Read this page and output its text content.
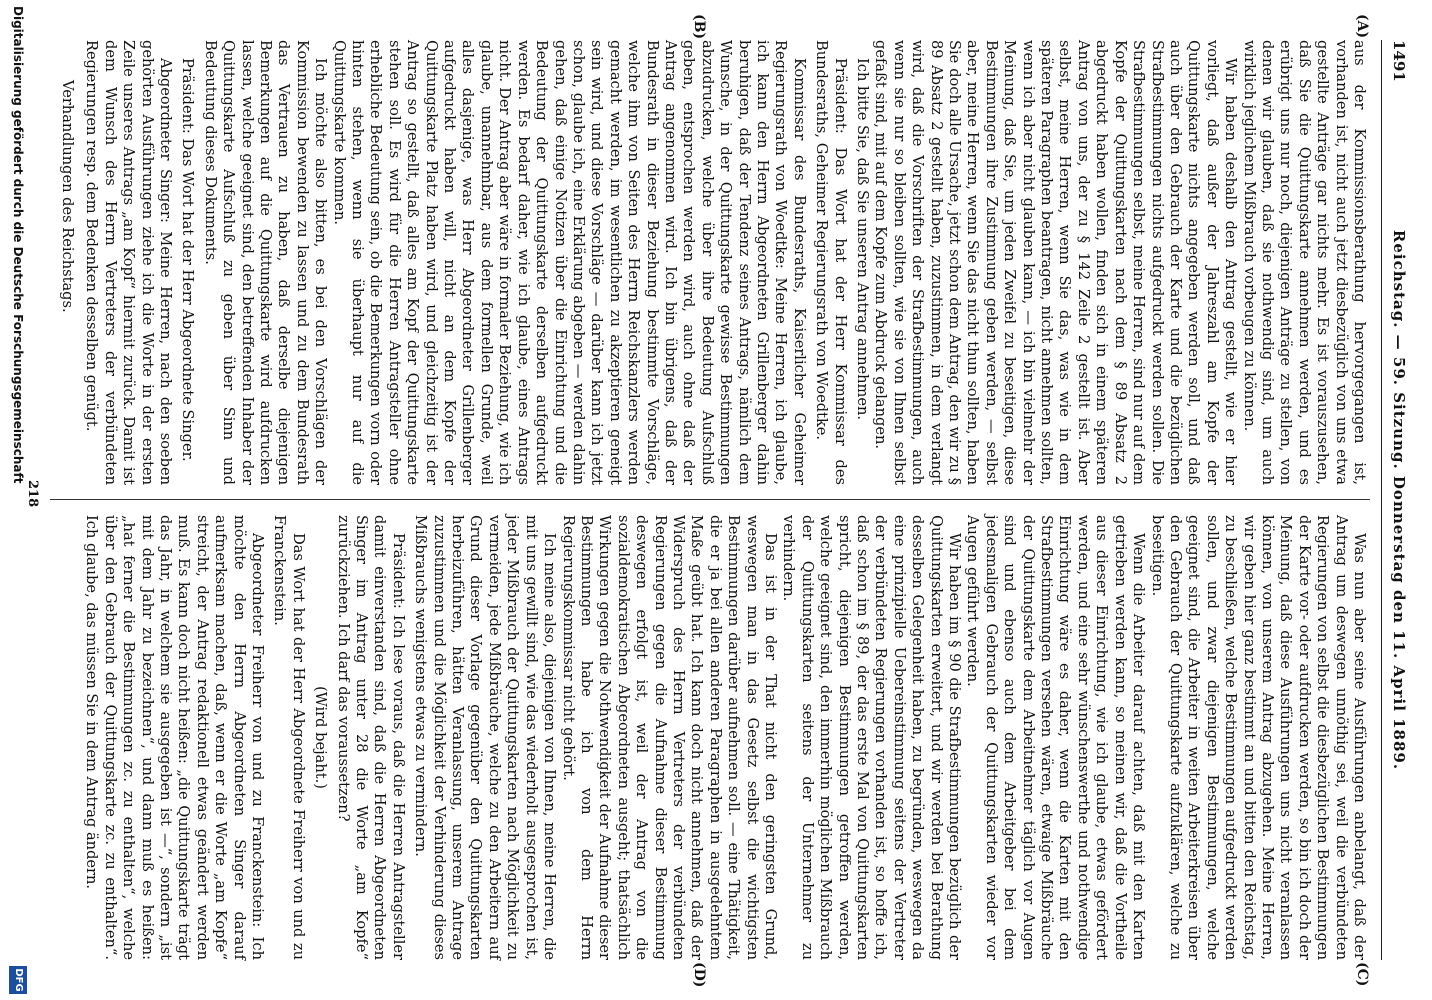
1491
Reichstag. — 59. Sitzung. Donnerstag den 11. April 1889.
(A)
(B)
(C)
(D)

aus der Kommissionsberathung hervorgegangen ist, vorhanden ist, nicht auch jetzt diesbezüglich von uns etwa gestellte Anträge gar nichts mehr. Es ist vorauszusehen, daß Sie die Quittungskarte annehmen werden, und es erübrigt uns nur noch, diejenigen Anträge zu stellen, von denen wir glauben, daß sie nothwendig sind, um auch wirklich jeglichem Mißbrauch vorbeugen zu können.

Wir haben deshalb den Antrag gestellt, wie er hier vorliegt, daß außer der Jahreszahl am Kopfe der Quittungskarte nichts angegeben werden soll, und daß auch über den Gebrauch der Karte und die bezüglichen Strafbestimmungen nichts aufgedruckt werden sollen. Die Strafbestimmungen selbst, meine Herren, sind nur auf dem Kopfe der Quittungskarten nach dem § 89 Absatz 2 abgedruckt haben wollen, finden sich in einem späteren Antrag von uns, der zu § 142 Zeile 2 gestellt ist. Aber selbst, meine Herren, wenn Sie das, was wie in dem späteren Paragraphen beantragen, nicht annehmen sollten, wenn ich aber nicht glauben kann, — ich bin vielmehr der Meinung, daß Sie, um jeden Zweifel zu beseitigen, diese Bestimmungen ihre Zustimmung geben werden, — selbst aber, meine Herren, wenn Sie das nicht thun sollten, haben Sie doch alle Ursache, jetzt schon dem Antrag, den wir zu § 89 Absatz 2 gestellt haben, zuzustimmen, in dem verlangt wird, daß die Vorschriften der Strafbestimmungen, auch wenn sie nur so bleiben sollten, wie sie von Ihnen selbst gefaßt sind, mit auf dem Kopfe zum Abdruck gelangen.

Ich bitte Sie, daß Sie unseren Antrag annehmen.

Präsident: Das Wort hat der Herr Kommissar des Bundesraths, Geheimer Regierungsrath von Woedtke.

Kommissar des Bundesraths, Kaiserlicher Geheimer Regierungsrath von Woedtke: Meine Herren, ich glaube, ich kann den Herrn Abgeordneten Grillenberger dahin beruhigen, daß der Tendenz seines Antrags, nämlich dem Wunsche, in der Quittungskarte gewisse Bestimmungen abzudrucken, welche über ihre Bedeutung Aufschluß geben, entsprochen werden wird, auch ohne daß der Antrag angenommen wird. Ich bin übrigens, daß der Bundesrath in dieser Beziehung bestimmte Vorschläge, welche ihm von Seiten des Herrn Reichskanzlers werden gemacht werden, im wesentlichen zu akzeptieren geneigt sein wird, und diese Vorschläge — darüber kann ich jetzt schon, glaube ich, eine Erklärung abgeben — werden dahin gehen, daß einige Notizen über die Einrichtung und die Bedeutung der Quittungskarte derselben aufgedruckt werden. Es bedarf daher, wie ich glaube, eines Antrags nicht. Der Antrag aber wäre in formaler Beziehung, wie ich glaube, unannehmbar, aus dem formellen Grunde, weil alles dasjenige, was Herr Abgeordneter Grillenberger aufgedruckt haben will, nicht an dem Kopfe der Quittungskarte Platz haben wird, und gleichzeitig ist der Antrag so gestellt, daß alles am Kopf der Quittungskarte stehen soll. Es wird für die Herren Antragsteller ohne erhebliche Bedeutung sein, ob die Bemerkungen vorn oder hinten stehen, wenn sie überhaupt nur auf die Quittungskarte kommen.

Ich möchte also bitten, es bei den Vorschlägen der Kommission bewenden zu lassen und zu dem Bundesrath das Vertrauen zu haben, daß derselbe diejenigen Bemerkungen auf die Quittungskarte wird aufdrucken lassen, welche geeignet sind, den betreffenden Inhaber der Quittungskarte Aufschluß zu geben über Sinn und Bedeutung dieses Dokuments.

Präsident: Das Wort hat der Herr Abgeordnete Singer.

Abgeordneter Singer: Meine Herren, nach den soeben gehörten Ausführungen ziehe ich die Worte in der ersten Zeile unseres Antrags „am Kopf“ hiermit zurück. Damit ist dem Wunsch des Herrn Vertreters der verbündeten Regierungen resp. dem Bedenken desselben genügt.

Verhandlungen des Reichstags.

Was nun aber seine Ausführungen anbelangt, daß der Antrag um deswegen unnöthig sei, weil die verbündeten Regierungen von selbst die diesbezüglichen Bestimmungen der Karte vor- oder aufdrucken werden, so bin ich doch der Meinung, daß diese Ausführungen uns nicht veranlassen können, von unserem Antrag abzugehen. Meine Herren, wir geben hier ganz bestimmt an und bitten den Reichstag, zu beschließen, welche Bestimmungen aufgedruckt werden sollen, und zwar diejenigen Bestimmungen, welche geeignet sind, die Arbeiter in weiten Arbeiterkreisen über den Gebrauch der Quittungskarte aufzuklären, welche zu beseitigen.

Wenn die Arbeiter darauf achten, daß mit den Karten getrieben werden kann, so meinen wir, daß die Vortheile aus dieser Einrichtung, wie ich glaube, etwas gefördert werden, und eine sehr wünschenswerthe und nothwendige Einrichtung wäre es daher, wenn die Karten mit den Strafbestimmungen versehen wären, etwaige Mißbräuche der Quittungskarte dem Arbeitnehmer täglich vor Augen sind und ebenso auch dem Arbeitgeber bei dem jedesmaligen Gebrauch der Quittungskarten wieder vor Augen geführt werden.

Wir haben im § 90 die Strafbestimmungen bezüglich der Quittungskarten erweitert, und wir werden bei Berathung desselben Gelegenheit haben, zu begründen, weswegen da eine prinzipielle Uebereinstimmung seitens der Vertreter der verbündeten Regierungen vorhanden ist, so hoffe ich, daß schon im § 89, der das erste Mal von Quittungskarten spricht, diejenigen Bestimmungen getroffen werden, welche geeignet sind, den immerhin möglichen Mißbrauch der Quittungskarten seitens der Unternehmer zu verhindern.

Das ist in der That nicht den geringsten Grund, weswegen man in das Gesetz selbst die wichtigsten Bestimmungen darüber aufnehmen soll. — eine Thätigkeit, die er ja bei allen anderen Paragraphen in ausgedehntem Maße geübt hat. Ich kann doch nicht annehmen, daß der Widerspruch des Herrn Vertreters der verbündeten Regierungen gegen die Aufnahme dieser Bestimmung deswegen erfolgt ist, weil der Antrag von die sozialdemokratischen Abgeordneten ausgeht; thatsächlich Wirkungen gegen die Nothwendigkeit der Aufnahme dieser Bestimmungen habe ich von dem Herrn Regierungskommissar nicht gehört.

Ich meine also, diejenigen von Ihnen, meine Herren, die mit uns gewillt sind, wie das wiederholt ausgesprochen ist, jeder Mißbrauch der Quittungskarten nach Möglichkeit zu vermeiden, jede Mißbräuche, welche zu den Arbeitern auf Grund dieser Vorlage gegenüber den Quittungskarten herbeizuführen, hätten Veranlassung, unserem Antrage zuzustimmen und die Möglichkeit der Verhinderung dieses Mißbrauchs wenigstens etwas zu vermindern.

Präsident: Ich lese voraus, daß die Herren Antragsteller damit einverstanden sind, daß die Herren Abgeordneten Singer im Antrag unter 28 die Worte „am Kopfe“ zurückziehen. Ich darf das voraussetzen?

(Wird bejaht.)

Das Wort hat der Herr Abgeordnete Freiherr von und zu Franckenstein.

Abgeordneter Freiherr von und zu Franckenstein: Ich möchte den Herrn Abgeordneten Singer darauf aufmerksam machen, daß, wenn er die Worte „am Kopfe“ streicht, der Antrag redaktionell etwas geändert werden muß. Es kann doch nicht heißen: „die Quittungskarte trägt das Jahr, in welchem sie ausgegeben ist —“, sondern „ist mit dem Jahr zu bezeichnen“, und dann muß es heißen: „hat ferner die Bestimmungen zc. zu enthalten“, welche über den Gebrauch der Quittungskarte zc. zu enthalten“. Ich glaube, das müssen Sie in dem Antrag ändern.

218
Digitalisierung gefördert durch die Deutsche Forschungsgemeinschaft
DFG
